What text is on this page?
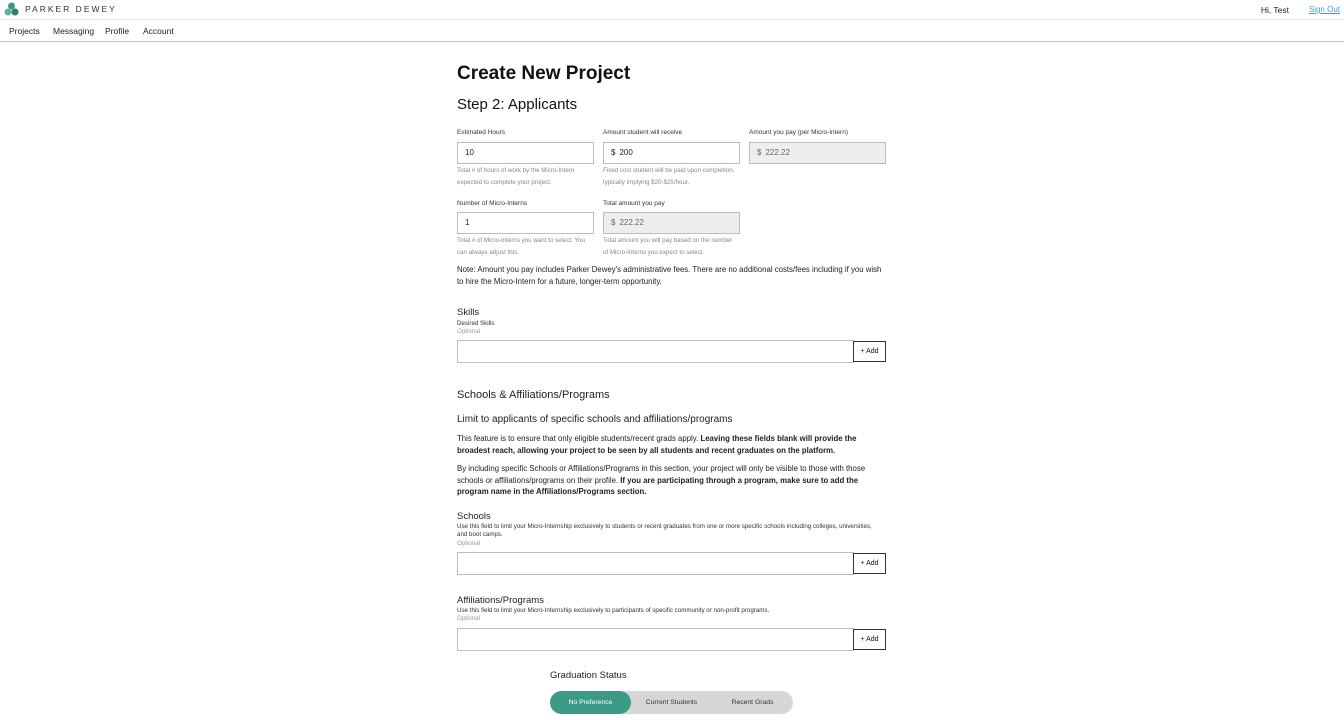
PARKER DEWEY	Hi, Test Sign Out
Projects Messaging Profile Account
Create New Project
Step 2: Applicants
Estimated Hours
10
Total # of hours of work by the Micro-Intern
expected to complete your project.
Amount student will receive
$ 200
Fixed cost student will be paid upon completion,
typically implying $20-$25/hour.
Amount you pay (per Micro-Intern)
$ 222.22
Number of Micro-Interns
1
Total # of Micro-Interns you want to select. You
can always adjust this.
Total amount you pay
$ 222.22
Total amount you will pay based on the number
of Micro-Interns you expect to select.
Note: Amount you pay includes Parker Dewey's administrative fees. There are no additional costs/fees including if you wish to hire the Micro-Intern for a future, longer-term opportunity.
Skills
Desired Skills
Optional
+ Add
Schools & Affiliations/Programs
Limit to applicants of specific schools and affiliations/programs
This feature is to ensure that only eligible students/recent grads apply. Leaving these fields blank will provide the broadest reach, allowing your project to be seen by all students and recent graduates on the platform.
By including specific Schools or Affiliations/Programs in this section, your project will only be visible to those with those schools or affiliations/programs on their profile. If you are participating through a program, make sure to add the program name in the Affiliations/Programs section.
Schools
Use this field to limit your Micro-Internship exclusively to students or recent graduates from one or more specific schools including colleges, universities, and boot camps.
Optional
+ Add
Affiliations/Programs
Use this field to limit your Micro-Internship exclusively to participants of specific community or non-profit programs.
Optional
+ Add
Graduation Status
No Preference	Current Students	Recent Grads
